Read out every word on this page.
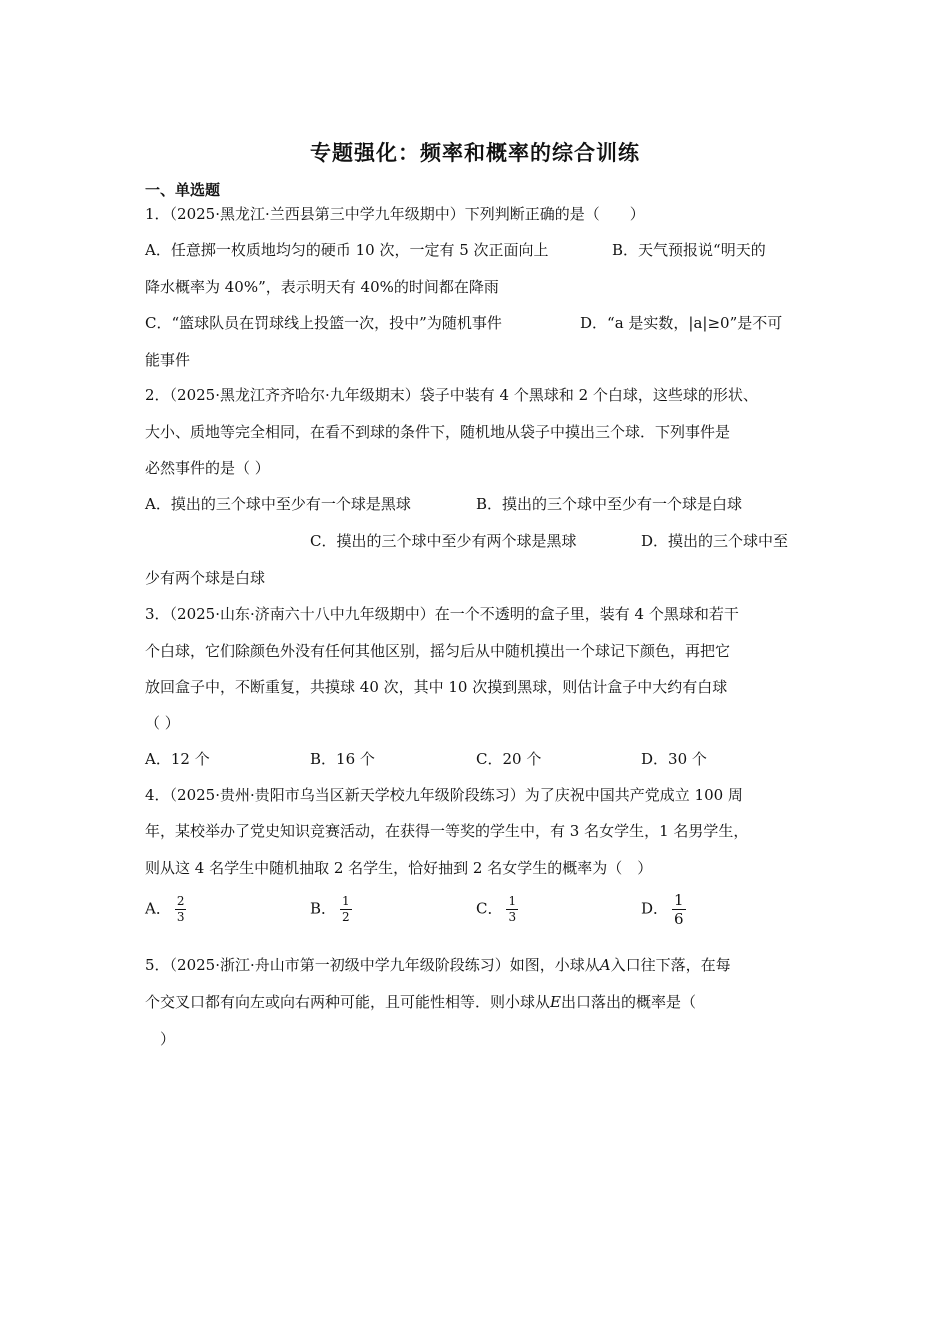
专题强化：频率和概率的综合训练
一、单选题
1．（2025·黑龙江·兰西县第三中学九年级期中）下列判断正确的是（　　）
A．任意掷一枚质地均匀的硬币 10 次，一定有 5 次正面向上	B．天气预报说“明天的
降水概率为 40%”，表示明天有 40%的时间都在降雨
C．“篮球队员在罚球线上投篮一次，投中”为随机事件	D．“a 是实数，|a|≥0”是不可
能事件
2．（2025·黑龙江齐齐哈尔·九年级期末）袋子中装有 4 个黑球和 2 个白球，这些球的形状、
大小、质地等完全相同，在看不到球的条件下，随机地从袋子中摸出三个球．下列事件是
必然事件的是（ ）
A．摸出的三个球中至少有一个球是黑球	B．摸出的三个球中至少有一个球是白球
C．摸出的三个球中至少有两个球是黑球	D．摸出的三个球中至
少有两个球是白球
3．（2025·山东·济南六十八中九年级期中）在一个不透明的盒子里，装有 4 个黑球和若干
个白球，它们除颜色外没有任何其他区别，摇匀后从中随机摸出一个球记下颜色，再把它
放回盒子中，不断重复，共摸球 40 次，其中 10 次摸到黑球，则估计盒子中大约有白球
（ ）
A．12 个	B．16 个	C．20 个	D．30 个
4．（2025·贵州·贵阳市乌当区新天学校九年级阶段练习）为了庆祝中国共产党成立 100 周
年，某校举办了党史知识竞赛活动，在获得一等奖的学生中，有 3 名女学生，1 名男学生，
则从这 4 名学生中随机抽取 2 名学生，恰好抽到 2 名女学生的概率为（　）
A． $\frac{2}{3}$	B． $\frac{1}{2}$	C． $\frac{1}{3}$	D． $\frac{1}{6}$
5．（2025·浙江·舟山市第一初级中学九年级阶段练习）如图，小球从A入口往下落，在每
个交叉口都有向左或向右两种可能，且可能性相等．则小球从E出口落出的概率是（
）
